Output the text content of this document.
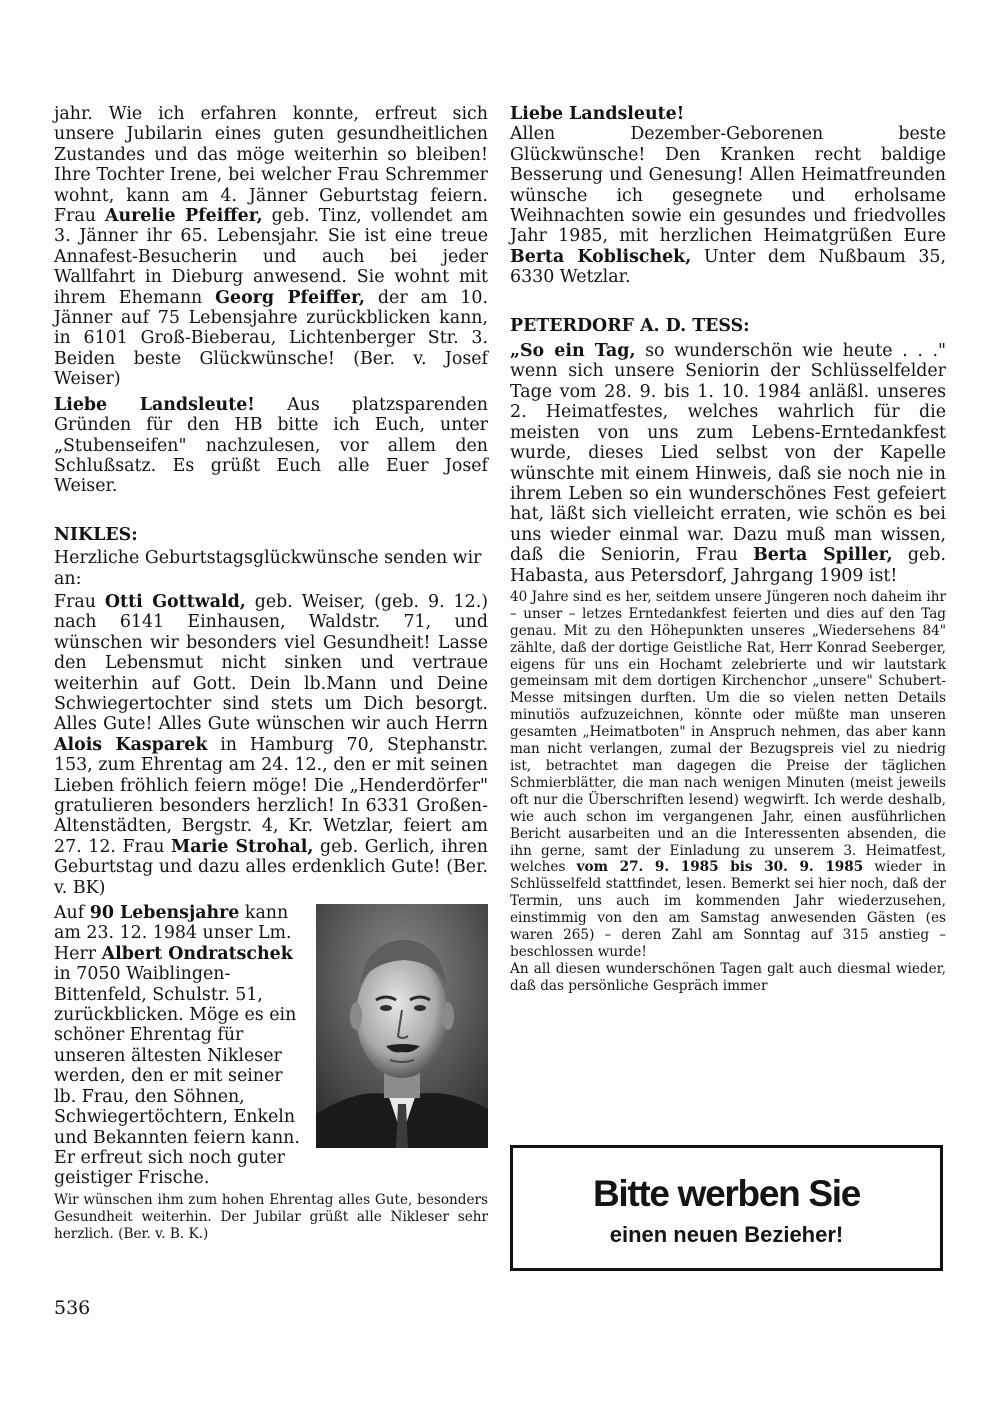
jahr. Wie ich erfahren konnte, erfreut sich unsere Jubilarin eines guten gesundheitlichen Zustandes und das möge weiterhin so bleiben! Ihre Tochter Irene, bei welcher Frau Schremmer wohnt, kann am 4. Jänner Geburtstag feiern. Frau Aurelie Pfeiffer, geb. Tinz, vollendet am 3. Jänner ihr 65. Lebensjahr. Sie ist eine treue Annafest-Besucherin und auch bei jeder Wallfahrt in Dieburg anwesend. Sie wohnt mit ihrem Ehemann Georg Pfeiffer, der am 10. Jänner auf 75 Lebensjahre zurückblicken kann, in 6101 Groß-Bieberau, Lichtenberger Str. 3. Beiden beste Glückwünsche! (Ber. v. Josef Weiser)

Liebe Landsleute! Aus platzsparenden Gründen für den HB bitte ich Euch, unter „Stubenseifen" nachzulesen, vor allem den Schlußsatz. Es grüßt Euch alle Euer Josef Weiser.

NIKLES:

Herzliche Geburtstagsglückwünsche senden wir an:

Frau Otti Gottwald, geb. Weiser, (geb. 9. 12.) nach 6141 Einhausen, Waldstr. 71, und wünschen wir besonders viel Gesundheit! Lasse den Lebensmut nicht sinken und vertraue weiterhin auf Gott. Dein lb.Mann und Deine Schwiegertochter sind stets um Dich besorgt. Alles Gute! Alles Gute wünschen wir auch Herrn Alois Kasparek in Hamburg 70, Stephanstr. 153, zum Ehrentag am 24. 12., den er mit seinen Lieben fröhlich feiern möge! Die „Henderdörfer" gratulieren besonders herzlich! In 6331 Großen-Altenstädten, Bergstr. 4, Kr. Wetzlar, feiert am 27. 12. Frau Marie Strohal, geb. Gerlich, ihren Geburtstag und dazu alles erdenklich Gute! (Ber. v. BK)

Auf 90 Lebensjahre kann am 23. 12. 1984 unser Lm. Herr Albert Ondratschek in 7050 Waiblingen-Bittenfeld, Schulstr. 51, zurückblicken. Möge es ein schöner Ehrentag für unseren ältesten Nikleser werden, den er mit seiner lb. Frau, den Söhnen, Schwiegertöchtern, Enkeln und Bekannten feiern kann. Er erfreut sich noch guter geistiger Frische.

Wir wünschen ihm zum hohen Ehrentag alles Gute, besonders Gesundheit weiterhin. Der Jubilar grüßt alle Nikleser sehr herzlich. (Ber. v. B. K.)

Liebe Landsleute!

Allen Dezember-Geborenen beste Glückwünsche! Den Kranken recht baldige Besserung und Genesung! Allen Heimatfreunden wünsche ich gesegnete und erholsame Weihnachten sowie ein gesundes und friedvolles Jahr 1985, mit herzlichen Heimatgrüßen Eure Berta Koblischek, Unter dem Nußbaum 35, 6330 Wetzlar.

PETERDORF A. D. TESS:

„So ein Tag, so wunderschön wie heute . . ." wenn sich unsere Seniorin der Schlüsselfelder Tage vom 28. 9. bis 1. 10. 1984 anläßl. unseres 2. Heimatfestes, welches wahrlich für die meisten von uns zum Lebens-Erntedankfest wurde, dieses Lied selbst von der Kapelle wünschte mit einem Hinweis, daß sie noch nie in ihrem Leben so ein wunderschönes Fest gefeiert hat, läßt sich vielleicht erraten, wie schön es bei uns wieder einmal war. Dazu muß man wissen, daß die Seniorin, Frau Berta Spiller, geb. Habasta, aus Petersdorf, Jahrgang 1909 ist!

40 Jahre sind es her, seitdem unsere Jüngeren noch daheim ihr – unser – letzes Erntedankfest feierten und dies auf den Tag genau. Mit zu den Höhepunkten unseres „Wiedersehens 84" zählte, daß der dortige Geistliche Rat, Herr Konrad Seeberger, eigens für uns ein Hochamt zelebrierte und wir lautstark gemeinsam mit dem dortigen Kirchenchor „unsere" Schubert-Messe mitsingen durften. Um die so vielen netten Details minutiös aufzuzeichnen, könnte oder müßte man unseren gesamten „Heimatboten" in Anspruch nehmen, das aber kann man nicht verlangen, zumal der Bezugspreis viel zu niedrig ist, betrachtet man dagegen die Preise der täglichen Schmierblätter, die man nach wenigen Minuten (meist jeweils oft nur die Überschriften lesend) wegwirft. Ich werde deshalb, wie auch schon im vergangenen Jahr, einen ausführlichen Bericht ausarbeiten und an die Interessenten absenden, die ihn gerne, samt der Einladung zu unserem 3. Heimatfest, welches vom 27. 9. 1985 bis 30. 9. 1985 wieder in Schlüsselfeld stattfindet, lesen. Bemerkt sei hier noch, daß der Termin, uns auch im kommenden Jahr wiederzusehen, einstimmig von den am Samstag anwesenden Gästen (es waren 265) – deren Zahl am Sonntag auf 315 anstieg – beschlossen wurde!

An all diesen wunderschönen Tagen galt auch diesmal wieder, daß das persönliche Gespräch immer

Bitte werben Sie
einen neuen Bezieher!
536
